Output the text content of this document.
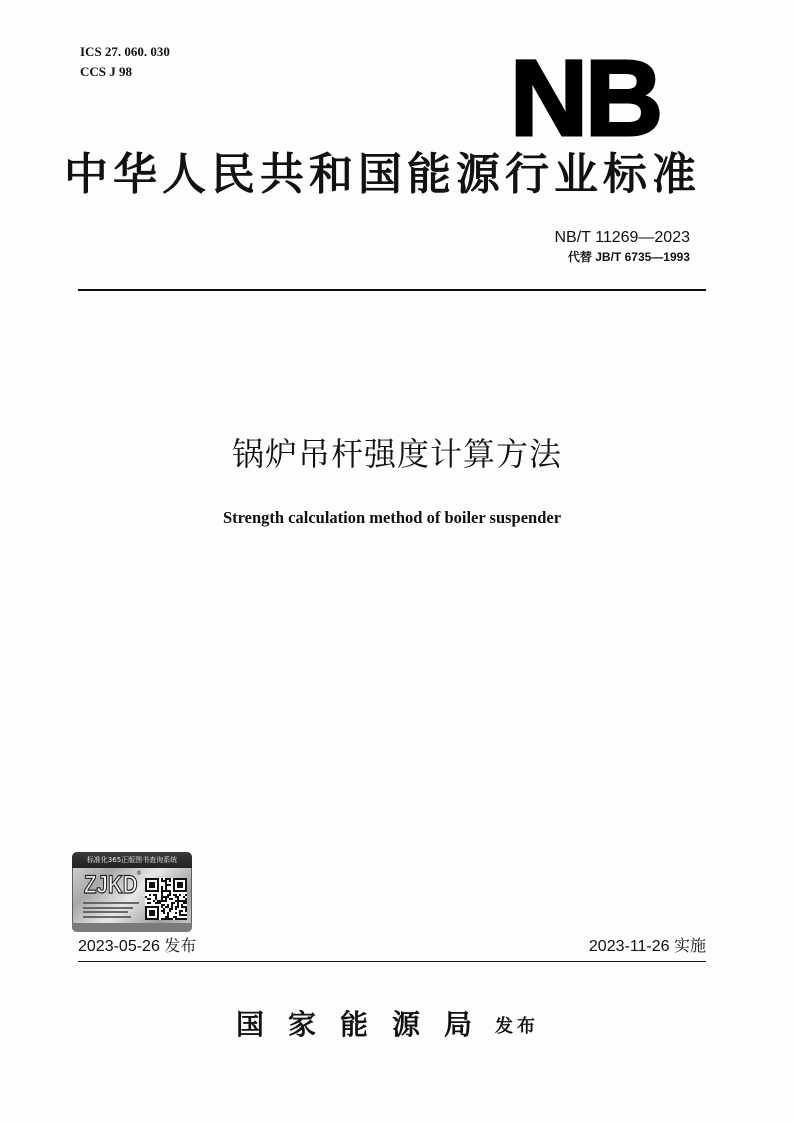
ICS 27. 060. 030
CCS J 98	NB
中华人民共和国能源行业标准
NB/T 11269—2023
代替 JB/T 6735—1993
锅炉吊杆强度计算方法
Strength calculation method of boiler suspender
标准化365正版图书查询系统
ZJKD
®
2023-05-26 发布	2023-11-26 实施
国家能源局
发布
